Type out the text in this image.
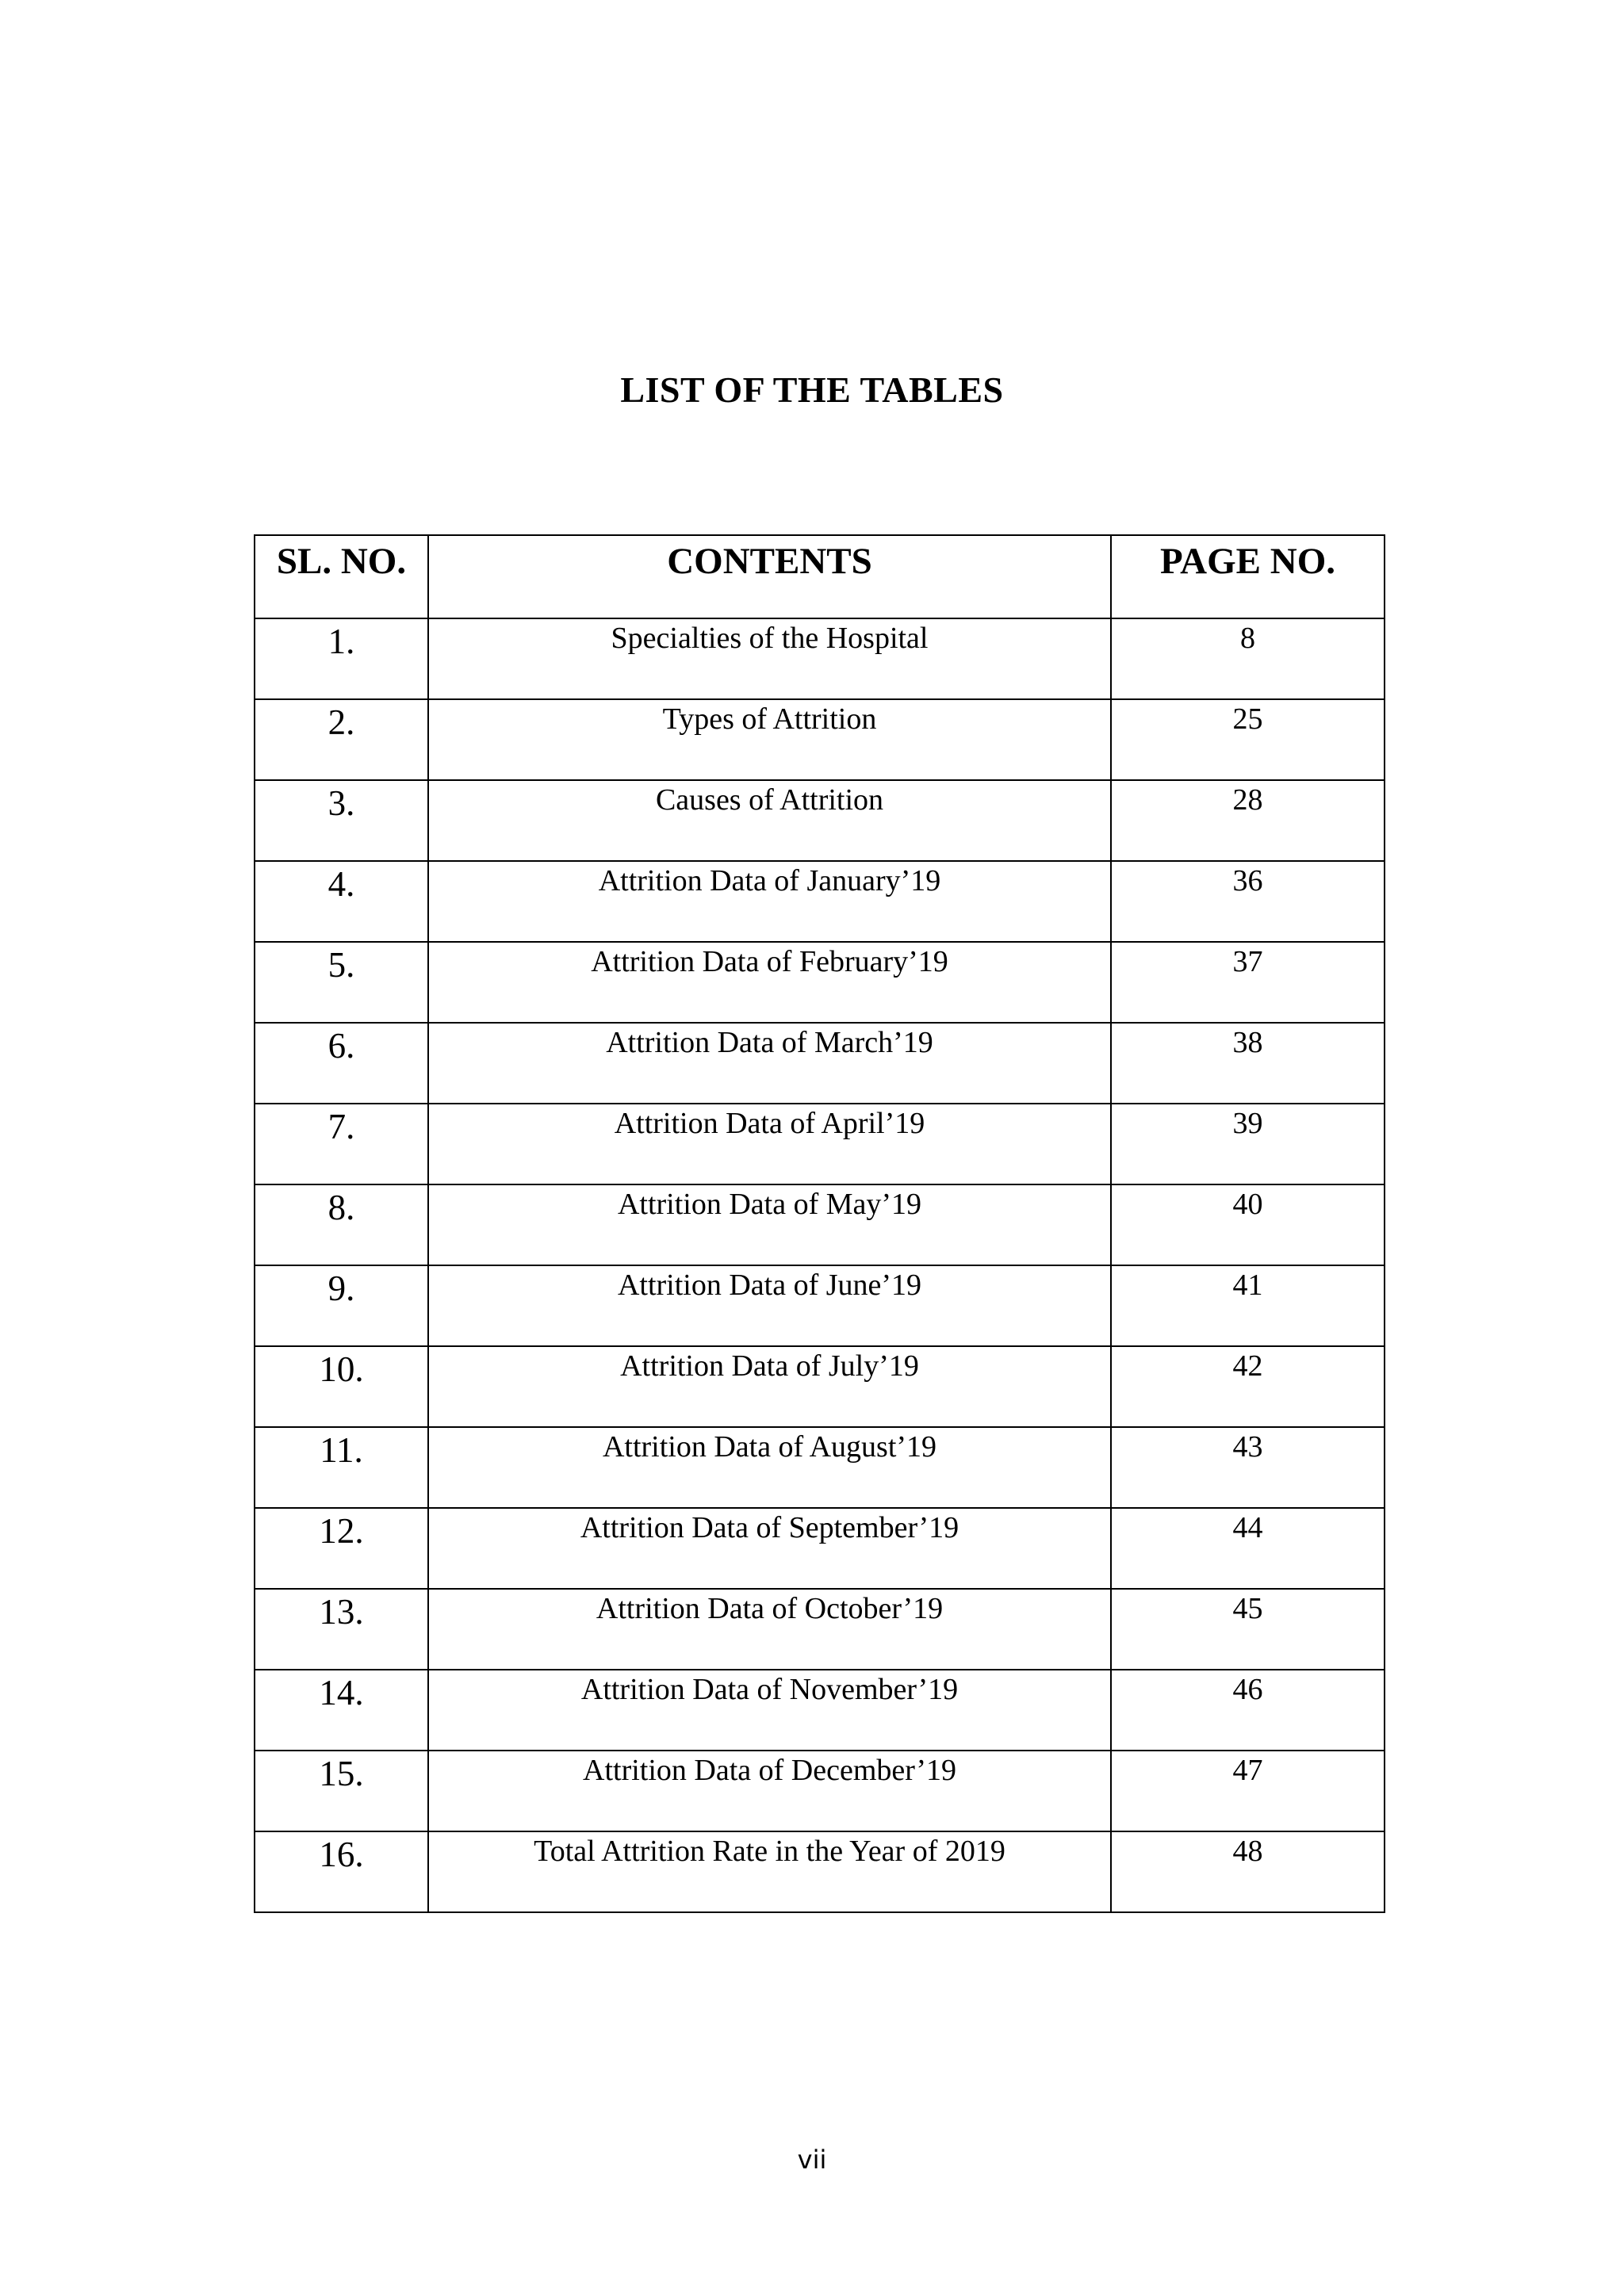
LIST OF THE TABLES
SL. NO.	CONTENTS	PAGE NO.
1.	Specialties of the Hospital	8
2.	Types of Attrition	25
3.	Causes of Attrition	28
4.	Attrition Data of January’19	36
5.	Attrition Data of February’19	37
6.	Attrition Data of March’19	38
7.	Attrition Data of April’19	39
8.	Attrition Data of May’19	40
9.	Attrition Data of June’19	41
10.	Attrition Data of July’19	42
11.	Attrition Data of August’19	43
12.	Attrition Data of September’19	44
13.	Attrition Data of October’19	45
14.	Attrition Data of November’19	46
15.	Attrition Data of December’19	47
16.	Total Attrition Rate in the Year of 2019	48
vii
